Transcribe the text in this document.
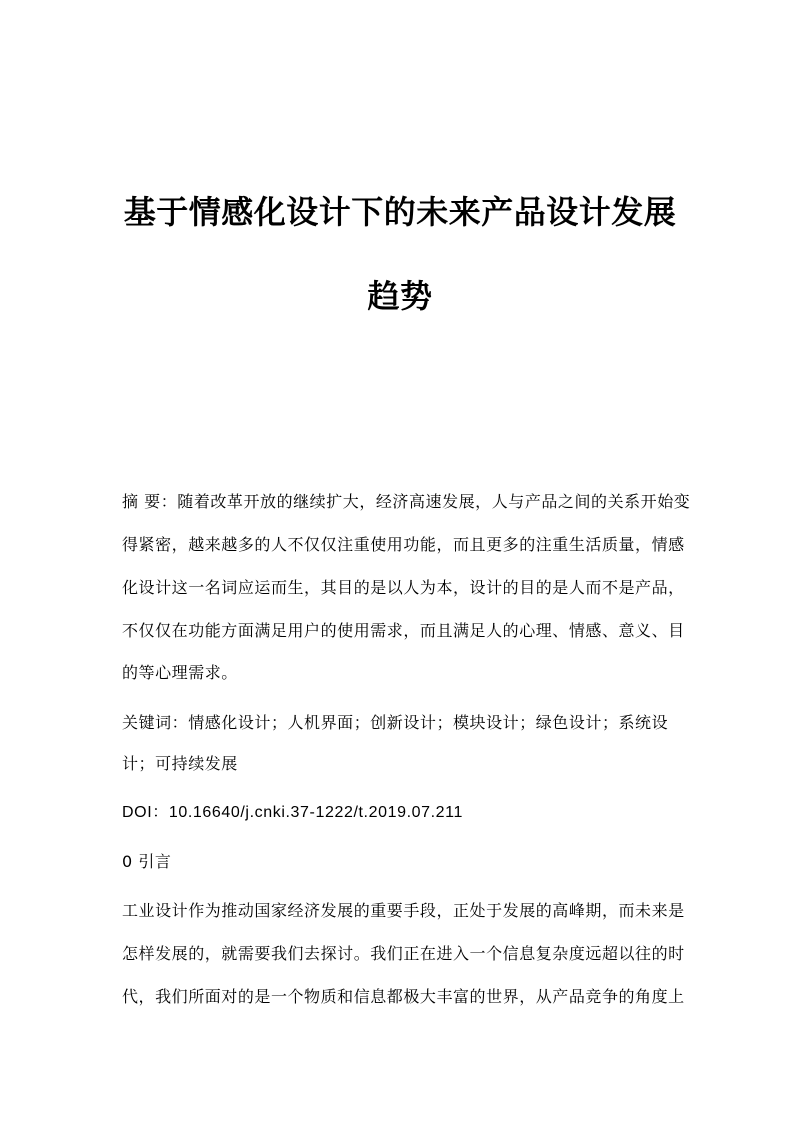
基于情感化设计下的未来产品设计发展
趋势
摘 要：随着改革开放的继续扩大，经济高速发展，人与产品之间的关系开始变
得紧密，越来越多的人不仅仅注重使用功能，而且更多的注重生活质量，情感
化设计这一名词应运而生，其目的是以人为本，设计的目的是人而不是产品，
不仅仅在功能方面满足用户的使用需求，而且满足人的心理、情感、意义、目
的等心理需求。
关键词：情感化设计；人机界面；创新设计；模块设计；绿色设计；系统设
计；可持续发展
DOI：10.16640/j.cnki.37-1222/t.2019.07.211
0 引言
工业设计作为推动国家经济发展的重要手段，正处于发展的高峰期，而未来是
怎样发展的，就需要我们去探讨。我们正在进入一个信息复杂度远超以往的时
代，我们所面对的是一个物质和信息都极大丰富的世界，从产品竞争的角度上
